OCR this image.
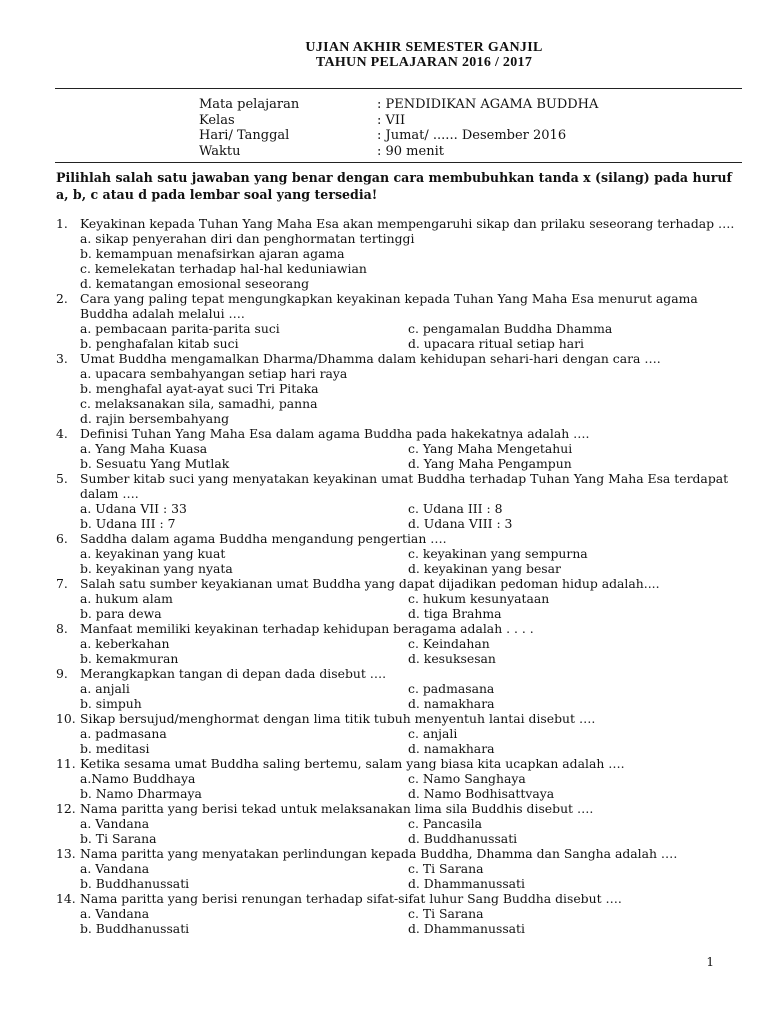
UJIAN AKHIR SEMESTER GANJIL
TAHUN PELAJARAN 2016 / 2017
Mata pelajaran	: PENDIDIKAN AGAMA BUDDHA
Kelas	: VII
Hari/ Tanggal	: Jumat/ ...... Desember 2016
Waktu	: 90 menit
Pilihlah salah satu jawaban yang benar dengan cara membubuhkan tanda x (silang) pada huruf a, b, c atau d pada lembar soal yang tersedia!
1. Keyakinan kepada Tuhan Yang Maha Esa akan mempengaruhi sikap dan prilaku seseorang terhadap ….
a. sikap penyerahan diri dan penghormatan tertinggi
b. kemampuan menafsirkan ajaran agama
c. kemelekatan terhadap hal-hal keduniawian
d. kematangan emosional seseorang
2. Cara yang paling tepat mengungkapkan keyakinan kepada Tuhan Yang Maha Esa menurut agama Buddha adalah melalui ….
a. pembacaan parita-parita suci	c. pengamalan Buddha Dhamma
b. penghafalan kitab suci	d. upacara ritual setiap hari
3. Umat Buddha mengamalkan Dharma/Dhamma dalam kehidupan sehari-hari dengan cara ….
a. upacara sembahyangan setiap hari raya
b. menghafal ayat-ayat suci Tri Pitaka
c. melaksanakan sila, samadhi, panna
d. rajin bersembahyang
4. Definisi Tuhan Yang Maha Esa dalam agama Buddha pada hakekatnya adalah ….
a. Yang Maha Kuasa	c. Yang Maha Mengetahui
b. Sesuatu Yang Mutlak	d. Yang Maha Pengampun
5. Sumber kitab suci yang menyatakan keyakinan umat Buddha terhadap Tuhan Yang Maha Esa terdapat dalam ….
a. Udana VII : 33	c. Udana III : 8
b. Udana III : 7	d. Udana VIII : 3
6. Saddha dalam agama Buddha mengandung pengertian ….
a. keyakinan yang kuat	c. keyakinan yang sempurna
b. keyakinan yang nyata	d. keyakinan yang besar
7. Salah satu sumber keyakianan umat Buddha yang dapat dijadikan pedoman hidup adalah....
a. hukum alam	c. hukum kesunyataan
b. para dewa	d. tiga Brahma
8. Manfaat memiliki keyakinan terhadap kehidupan beragama adalah . . . .
a. keberkahan	c. Keindahan
b. kemakmuran	d. kesuksesan
9. Merangkapkan tangan di depan dada disebut ….
a. anjali	c. padmasana
b. simpuh	d. namakhara
10. Sikap bersujud/menghormat dengan lima titik tubuh menyentuh lantai disebut ….
a. padmasana	c. anjali
b. meditasi	d. namakhara
11. Ketika sesama umat Buddha saling bertemu, salam yang biasa kita ucapkan adalah ….
a.Namo Buddhaya	c. Namo Sanghaya
b. Namo Dharmaya	d. Namo Bodhisattvaya
12. Nama paritta yang berisi tekad untuk melaksanakan lima sila Buddhis disebut ….
a. Vandana	c. Pancasila
b. Ti Sarana	d. Buddhanussati
13. Nama paritta yang menyatakan perlindungan kepada Buddha, Dhamma dan Sangha adalah ….
a. Vandana	c. Ti Sarana
b. Buddhanussati	d. Dhammanussati
14. Nama paritta yang berisi renungan terhadap sifat-sifat luhur Sang Buddha disebut ….
a. Vandana	c. Ti Sarana
b. Buddhanussati	d. Dhammanussati
1
